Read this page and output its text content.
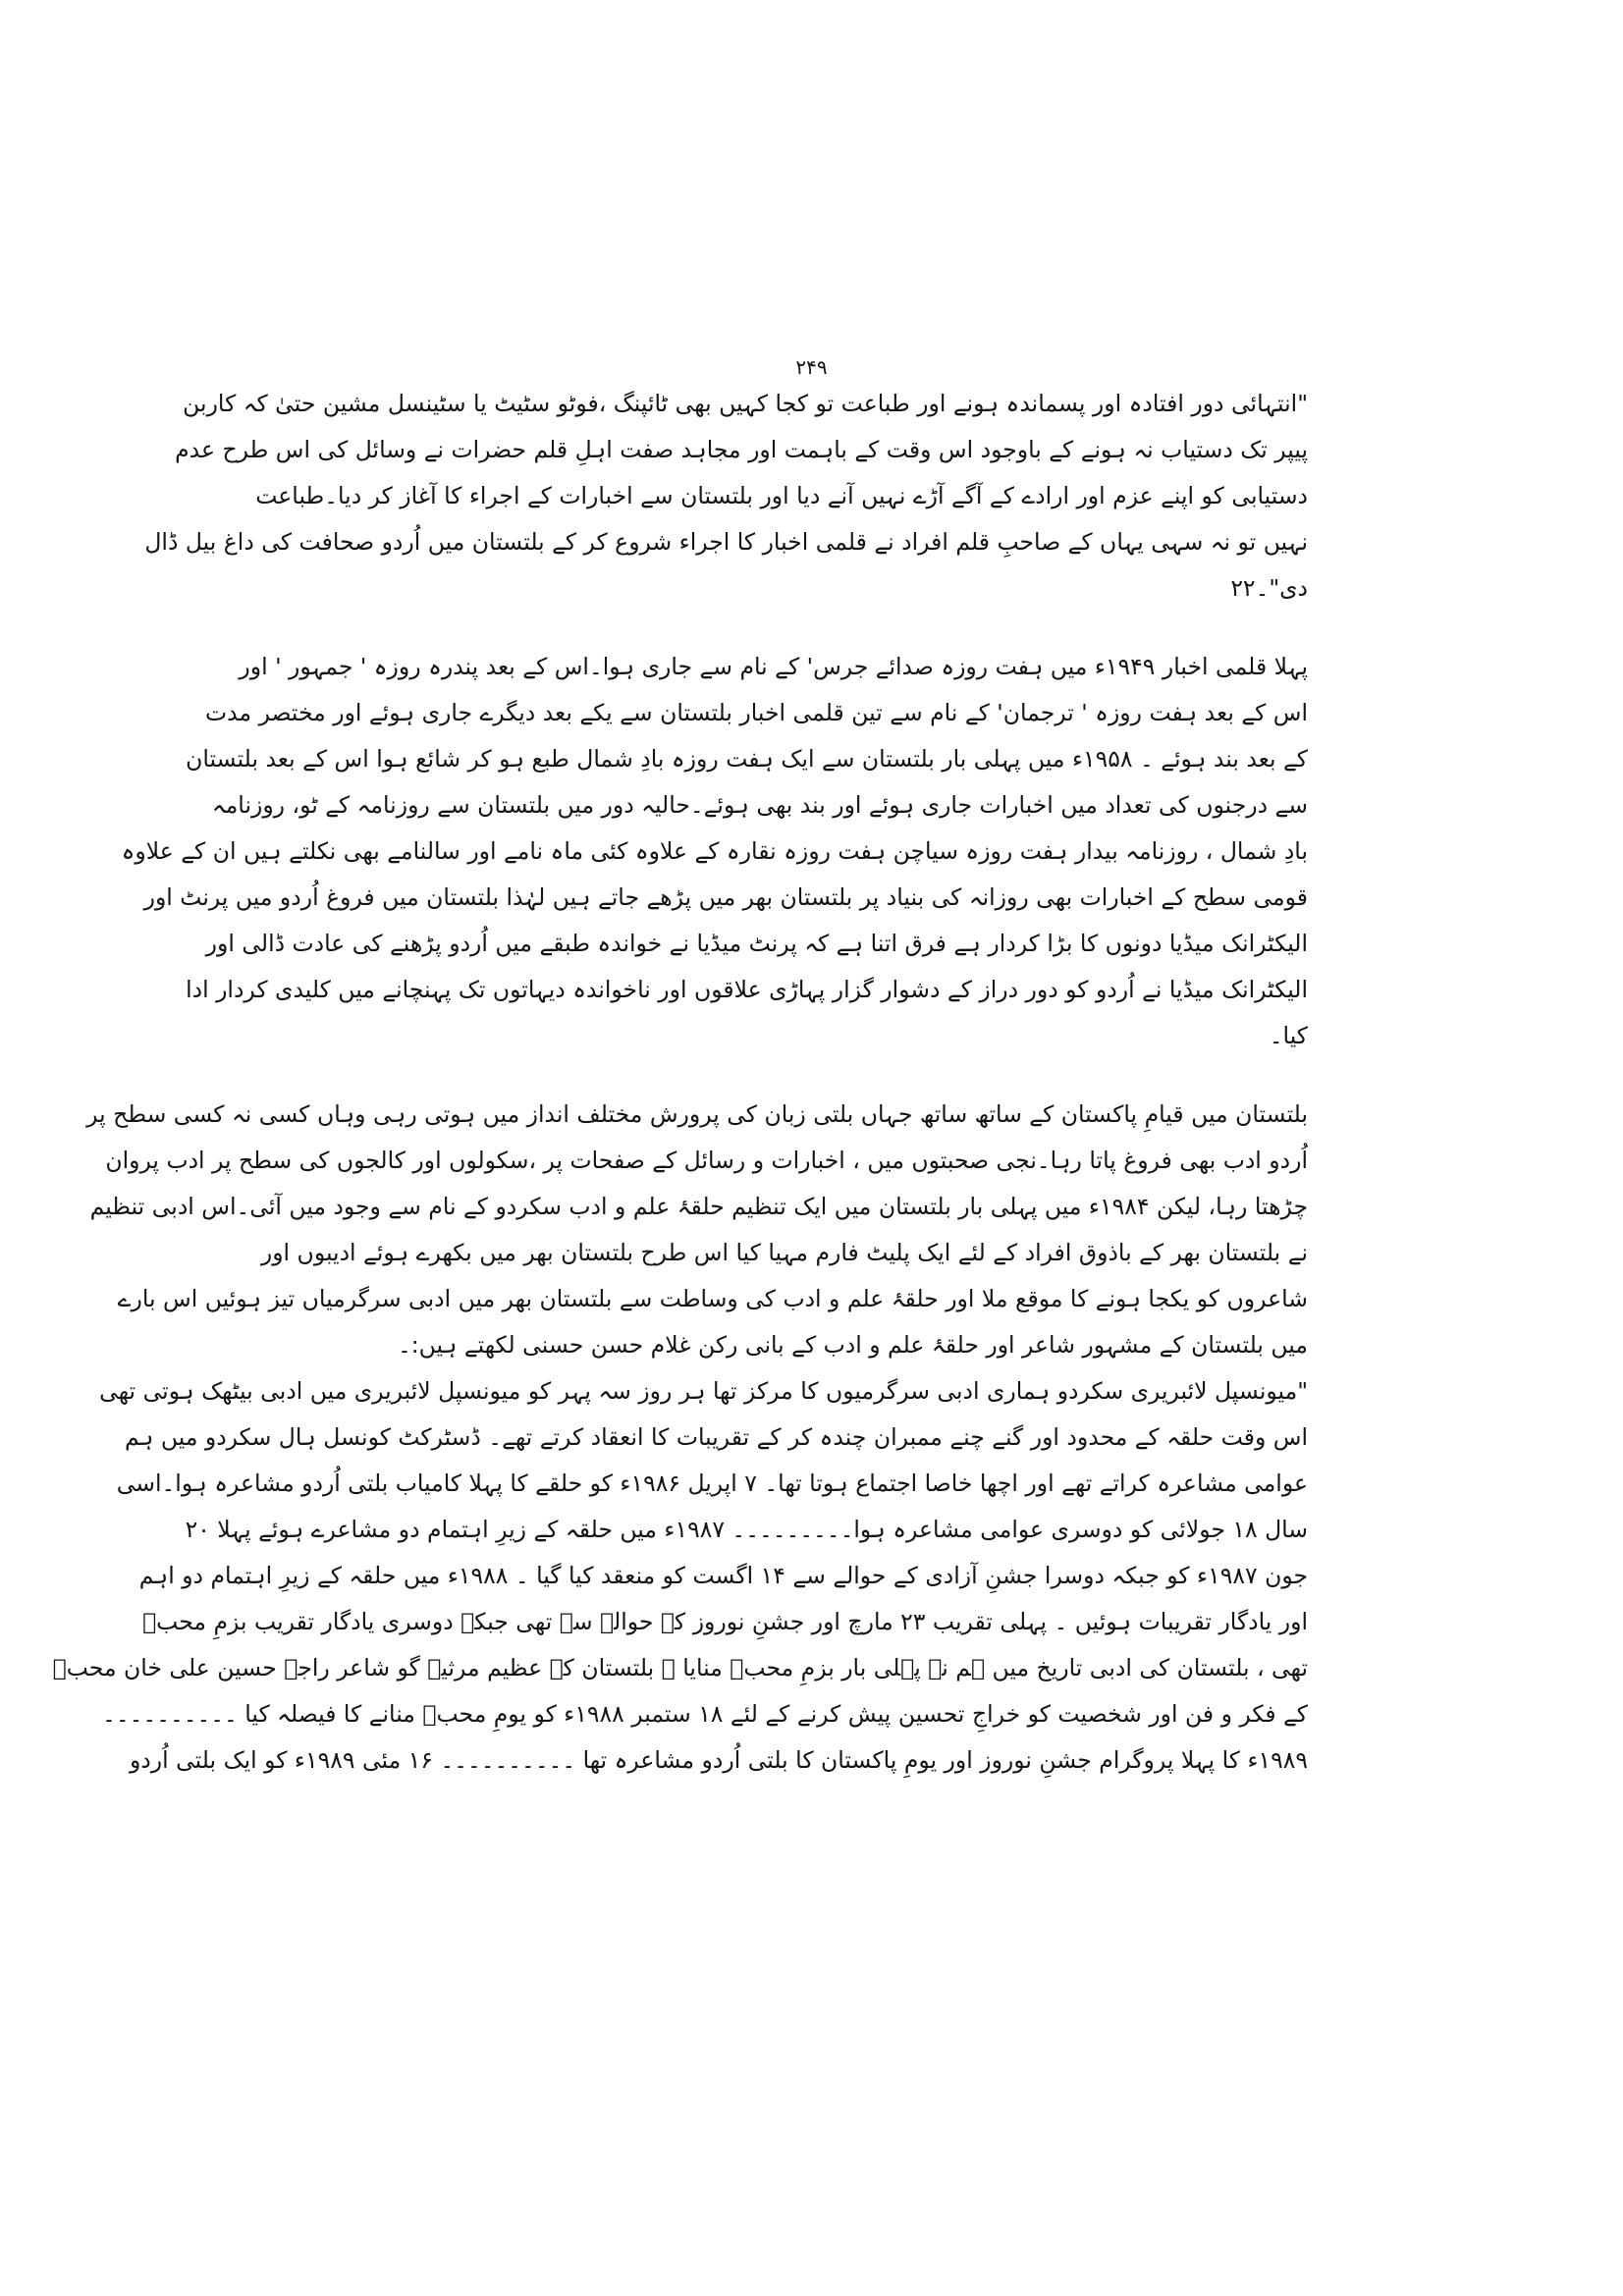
۲۴۹
"انتہائی دور افتادہ اور پسماندہ ہونے اور طباعت تو کجا کہیں بھی ٹائپنگ ،فوٹو سٹیٹ یا سٹینسل مشین حتیٰ کہ کاربن
پیپر تک دستیاب نہ ہونے کے باوجود اس وقت کے باہمت اور مجاہد صفت اہلِ قلم حضرات نے وسائل کی اس طرح عدم
دستیابی کو اپنے عزم اور ارادے کے آگے آڑے نہیں آنے دیا اور بلتستان سے اخبارات کے اجراء کا آغاز کر دیا۔طباعت
نہیں تو نہ سہی یہاں کے صاحبِ قلم افراد نے قلمی اخبار کا اجراء شروع کر کے بلتستان میں اُردو صحافت کی داغ بیل ڈال
دی"۔۲۲
پہلا قلمی اخبار ۱۹۴۹ء میں ہفت روزہ صدائے جرس' کے نام سے جاری ہوا۔اس کے بعد پندرہ روزہ ' جمہور ' اور
اس کے بعد ہفت روزہ ' ترجمان' کے نام سے تین قلمی اخبار بلتستان سے یکے بعد دیگرے جاری ہوئے اور مختصر مدت
کے بعد بند ہوئے ۔ ۱۹۵۸ء میں پہلی بار بلتستان سے ایک ہفت روزہ بادِ شمال طبع ہو کر شائع ہوا اس کے بعد بلتستان
سے درجنوں کی تعداد میں اخبارات جاری ہوئے اور بند بھی ہوئے۔حالیہ دور میں بلتستان سے روزنامہ کے ٹو، روزنامہ
بادِ شمال ، روزنامہ بیدار ہفت روزہ سیاچن ہفت روزہ نقارہ کے علاوہ کئی ماہ نامے اور سالنامے بھی نکلتے ہیں ان کے علاوہ
قومی سطح کے اخبارات بھی روزانہ کی بنیاد پر بلتستان بھر میں پڑھے جاتے ہیں لہٰذا بلتستان میں فروغ اُردو میں پرنٹ اور
الیکٹرانک میڈیا دونوں کا بڑا کردار ہے فرق اتنا ہے کہ پرنٹ میڈیا نے خواندہ طبقے میں اُردو پڑھنے کی عادت ڈالی اور
الیکٹرانک میڈیا نے اُردو کو دور دراز کے دشوار گزار پہاڑی علاقوں اور ناخواندہ دیہاتوں تک پہنچانے میں کلیدی کردار ادا
کیا۔
بلتستان میں قیامِ پاکستان کے ساتھ ساتھ جہاں بلتی زبان کی پرورش مختلف انداز میں ہوتی رہی وہاں کسی نہ کسی سطح پر
اُردو ادب بھی فروغ پاتا رہا۔نجی صحبتوں میں ، اخبارات و رسائل کے صفحات پر ،سکولوں اور کالجوں کی سطح پر ادب پروان
چڑھتا رہا، لیکن ۱۹۸۴ء میں پہلی بار بلتستان میں ایک تنظیم حلقۂ علم و ادب سکردو کے نام سے وجود میں آئی۔اس ادبی تنظیم
نے بلتستان بھر کے باذوق افراد کے لئے ایک پلیٹ فارم مہیا کیا اس طرح بلتستان بھر میں بکھرے ہوئے ادیبوں اور
شاعروں کو یکجا ہونے کا موقع ملا اور حلقۂ علم و ادب کی وساطت سے بلتستان بھر میں ادبی سرگرمیاں تیز ہوئیں اس بارے
میں بلتستان کے مشہور شاعر اور حلقۂ علم و ادب کے بانی رکن غلام حسن حسنی لکھتے ہیں:۔
"میونسپل لائبریری سکردو ہماری ادبی سرگرمیوں کا مرکز تھا ہر روز سہ پہر کو میونسپل لائبریری میں ادبی بیٹھک ہوتی تھی
اس وقت حلقہ کے محدود اور گنے چنے ممبران چندہ کر کے تقریبات کا انعقاد کرتے تھے۔ ڈسٹرکٹ کونسل ہال سکردو میں ہم
عوامی مشاعرہ کراتے تھے اور اچھا خاصا اجتماع ہوتا تھا۔ ۷ اپریل ۱۹۸۶ء کو حلقے کا پہلا کامیاب بلتی اُردو مشاعرہ ہوا۔اسی
سال ۱۸ جولائی کو دوسری عوامی مشاعرہ ہوا۔۔۔۔۔۔۔۔۔ ۱۹۸۷ء میں حلقہ کے زیرِ اہتمام دو مشاعرے ہوئے پہلا ۲۰
جون ۱۹۸۷ء کو جبکہ دوسرا جشنِ آزادی کے حوالے سے ۱۴ اگست کو منعقد کیا گیا ۔ ۱۹۸۸ء میں حلقہ کے زیرِ اہتمام دو اہم
اور یادگار تقریبات ہوئیں ۔ پہلی تقریب ۲۳ مارچ اور جشنِ نوروز کے حوالے سے تھی جبکہ دوسری یادگار تقریب بزمِ محبؔ
تھی ، بلتستان کی ادبی تاریخ میں ہم نے پہلی بار بزمِ محبؔ منایا ۔ بلتستان کے عظیم مرثیہ گو شاعر راجہ حسین علی خان محبؔ
کے فکر و فن اور شخصیت کو خراجِ تحسین پیش کرنے کے لئے ۱۸ ستمبر ۱۹۸۸ء کو یومِ محبؔ منانے کا فیصلہ کیا ۔۔۔۔۔۔۔۔۔۔
۱۹۸۹ء کا پہلا پروگرام جشنِ نوروز اور یومِ پاکستان کا بلتی اُردو مشاعرہ تھا ۔۔۔۔۔۔۔۔۔۔ ۱۶ مئی ۱۹۸۹ء کو ایک بلتی اُردو
